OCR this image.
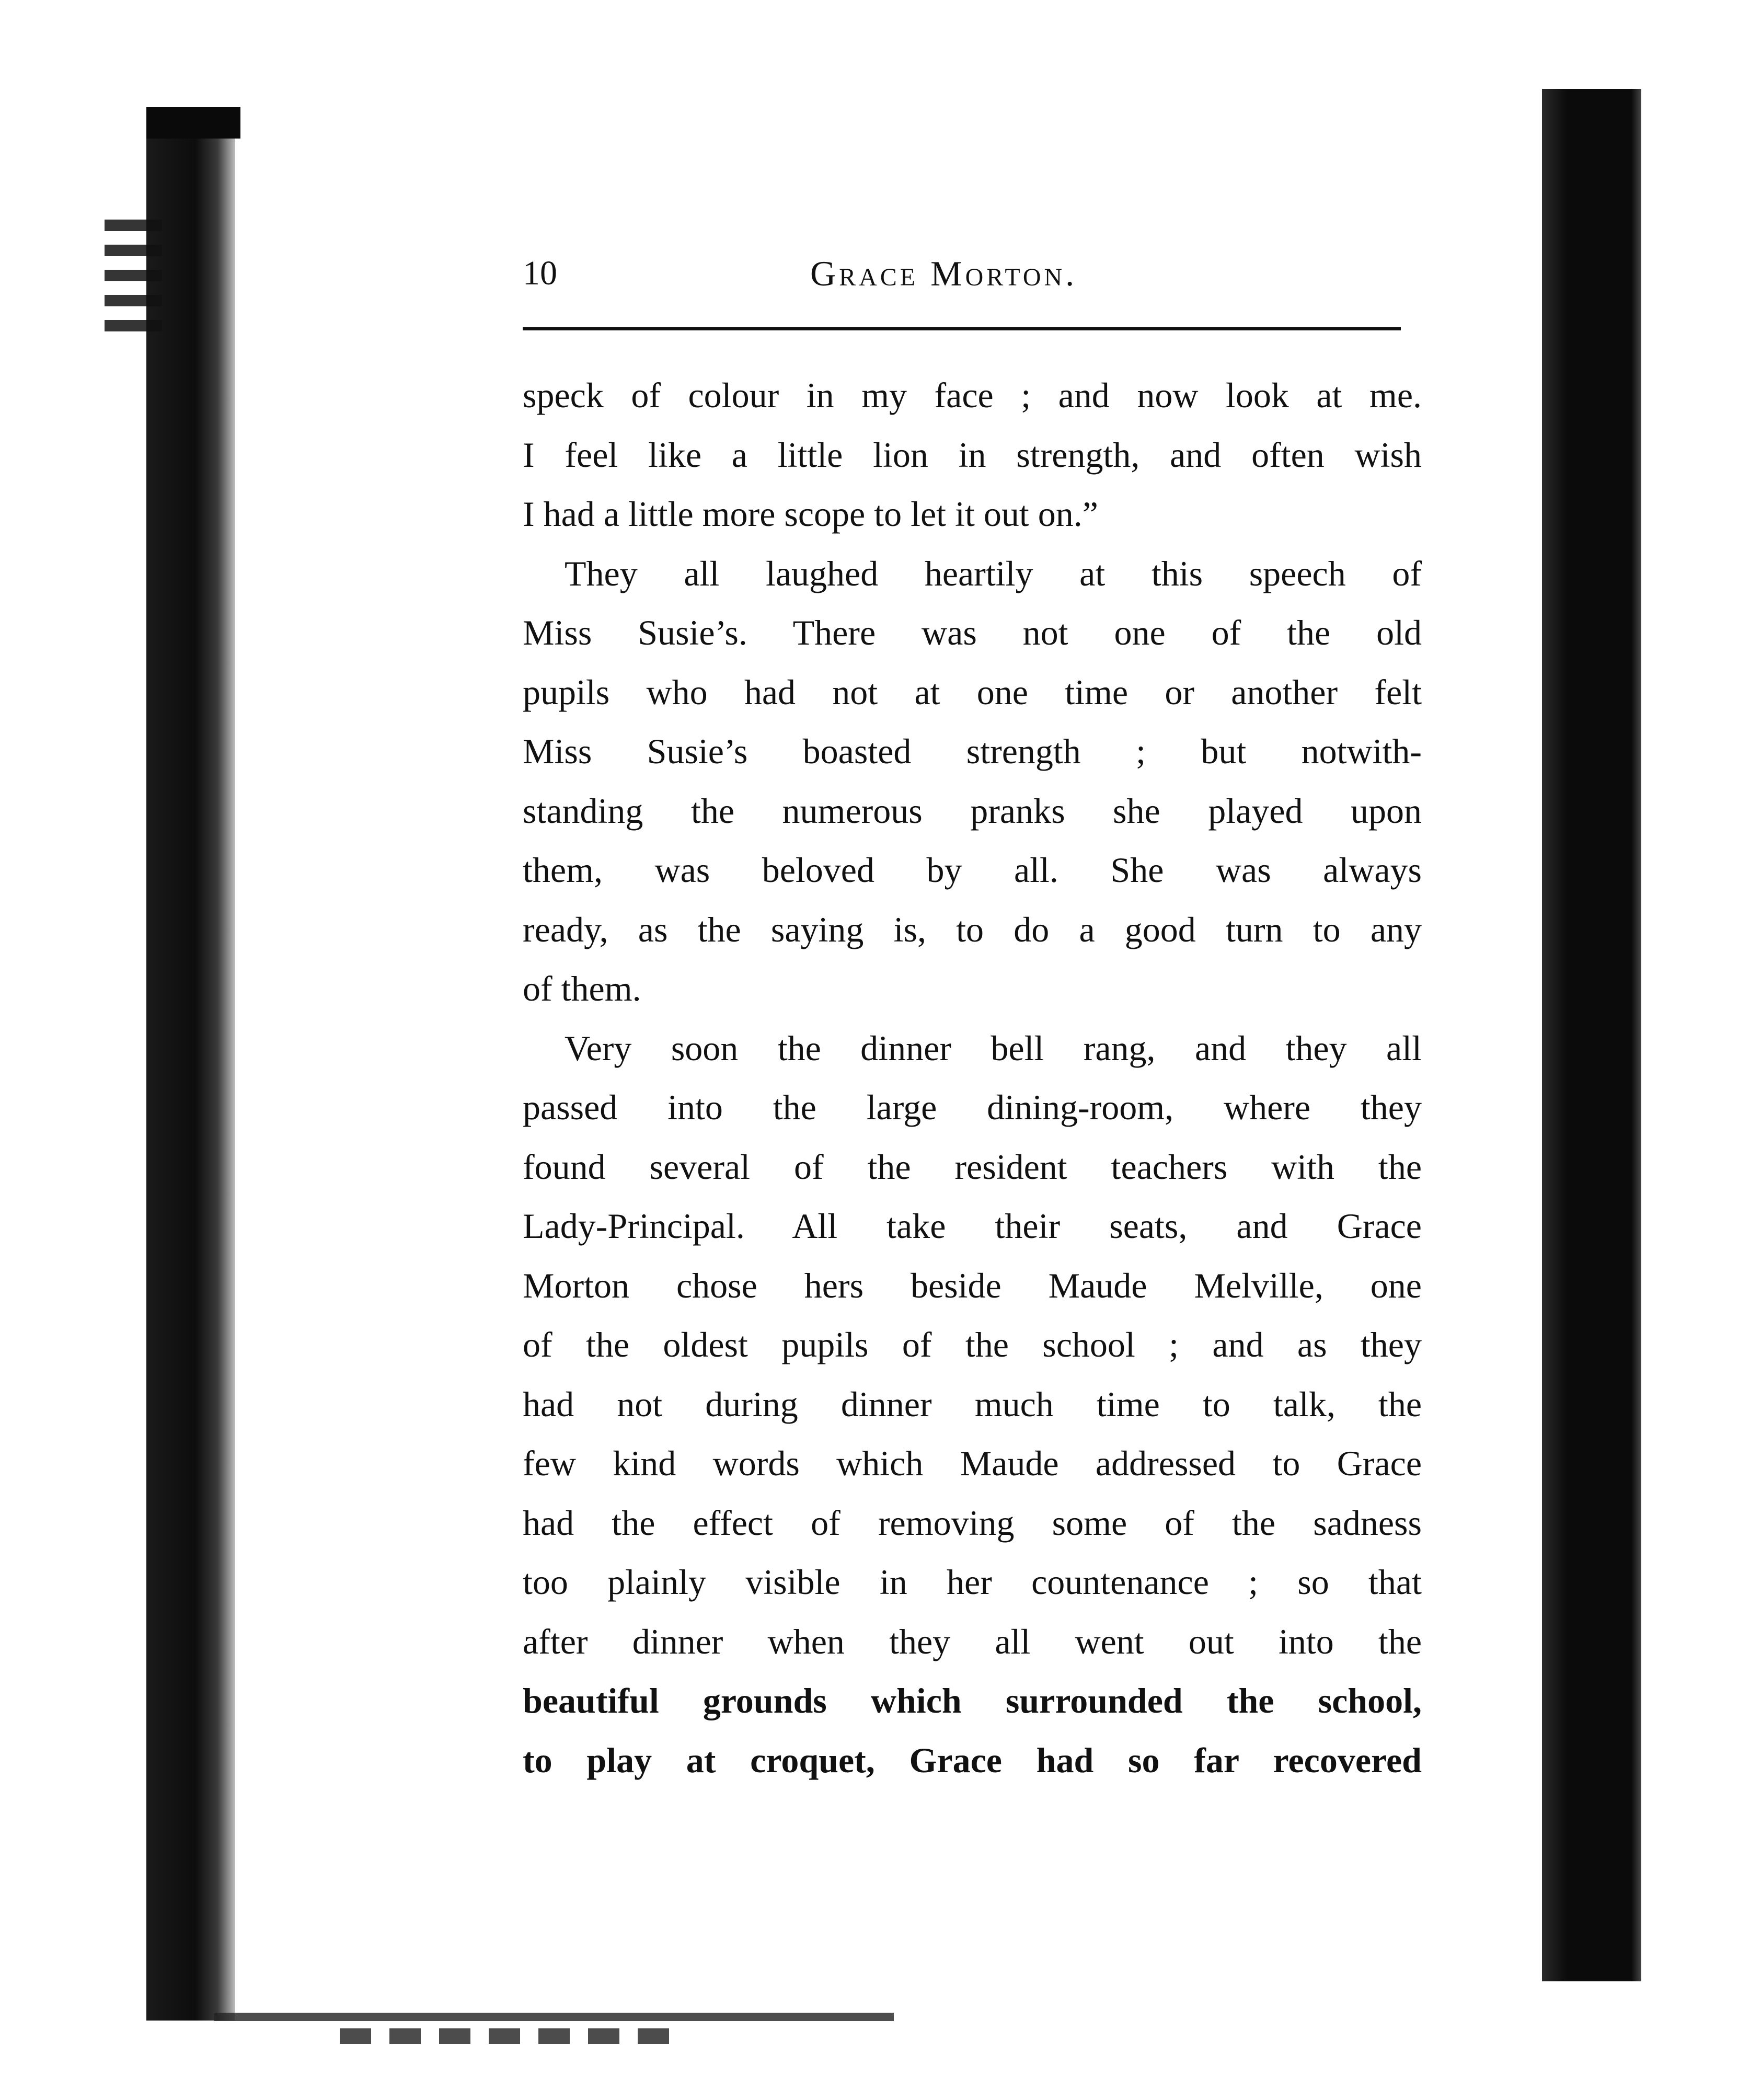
10	Grace Morton.
speck of colour in my face ; and now look at me.
I feel like a little lion in strength, and often wish
I had a little more scope to let it out on.”
They all laughed heartily at this speech of
Miss Susie’s. There was not one of the old
pupils who had not at one time or another felt
Miss Susie’s boasted strength ; but notwith-
standing the numerous pranks she played upon
them, was beloved by all. She was always
ready, as the saying is, to do a good turn to any
of them.
Very soon the dinner bell rang, and they all
passed into the large dining-room, where they
found several of the resident teachers with the
Lady-Principal. All take their seats, and Grace
Morton chose hers beside Maude Melville, one
of the oldest pupils of the school ; and as they
had not during dinner much time to talk, the
few kind words which Maude addressed to Grace
had the effect of removing some of the sadness
too plainly visible in her countenance ; so that
after dinner when they all went out into the
beautiful grounds which surrounded the school,
to play at croquet, Grace had so far recovered
